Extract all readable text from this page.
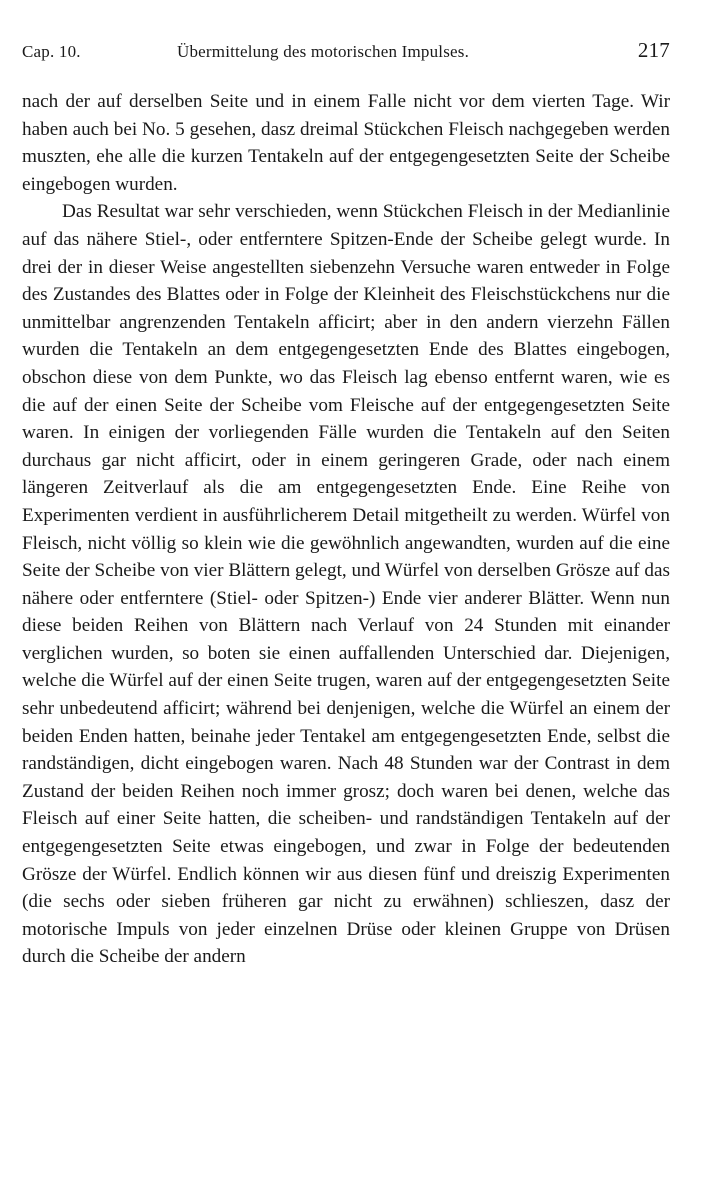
Cap. 10.	Übermittelung des motorischen Impulses.	217

nach der auf derselben Seite und in einem Falle nicht vor dem vierten Tage. Wir haben auch bei No. 5 gesehen, dasz dreimal Stückchen Fleisch nachgegeben werden muszten, ehe alle die kurzen Tentakeln auf der entgegengesetzten Seite der Scheibe eingebogen wurden.

Das Resultat war sehr verschieden, wenn Stückchen Fleisch in der Medianlinie auf das nähere Stiel-, oder entferntere Spitzen-Ende der Scheibe gelegt wurde. In drei der in dieser Weise angestellten siebenzehn Versuche waren entweder in Folge des Zustandes des Blattes oder in Folge der Kleinheit des Fleischstückchens nur die unmittelbar angrenzenden Tentakeln afficirt; aber in den andern vierzehn Fällen wurden die Tentakeln an dem entgegengesetzten Ende des Blattes eingebogen, obschon diese von dem Punkte, wo das Fleisch lag ebenso entfernt waren, wie es die auf der einen Seite der Scheibe vom Fleische auf der entgegengesetzten Seite waren. In einigen der vorliegenden Fälle wurden die Tentakeln auf den Seiten durchaus gar nicht afficirt, oder in einem geringeren Grade, oder nach einem längeren Zeitverlauf als die am entgegengesetzten Ende. Eine Reihe von Experimenten verdient in ausführlicherem Detail mitgetheilt zu werden. Würfel von Fleisch, nicht völlig so klein wie die gewöhnlich angewandten, wurden auf die eine Seite der Scheibe von vier Blättern gelegt, und Würfel von derselben Grösze auf das nähere oder entferntere (Stiel- oder Spitzen-) Ende vier anderer Blätter. Wenn nun diese beiden Reihen von Blättern nach Verlauf von 24 Stunden mit einander verglichen wurden, so boten sie einen auffallenden Unterschied dar. Diejenigen, welche die Würfel auf der einen Seite trugen, waren auf der entgegengesetzten Seite sehr unbedeutend afficirt; während bei denjenigen, welche die Würfel an einem der beiden Enden hatten, beinahe jeder Tentakel am entgegengesetzten Ende, selbst die randständigen, dicht eingebogen waren. Nach 48 Stunden war der Contrast in dem Zustand der beiden Reihen noch immer grosz; doch waren bei denen, welche das Fleisch auf einer Seite hatten, die scheiben- und randständigen Tentakeln auf der entgegengesetzten Seite etwas eingebogen, und zwar in Folge der bedeutenden Grösze der Würfel. Endlich können wir aus diesen fünf und dreiszig Experimenten (die sechs oder sieben früheren gar nicht zu erwähnen) schlieszen, dasz der motorische Impuls von jeder einzelnen Drüse oder kleinen Gruppe von Drüsen durch die Scheibe der andern
